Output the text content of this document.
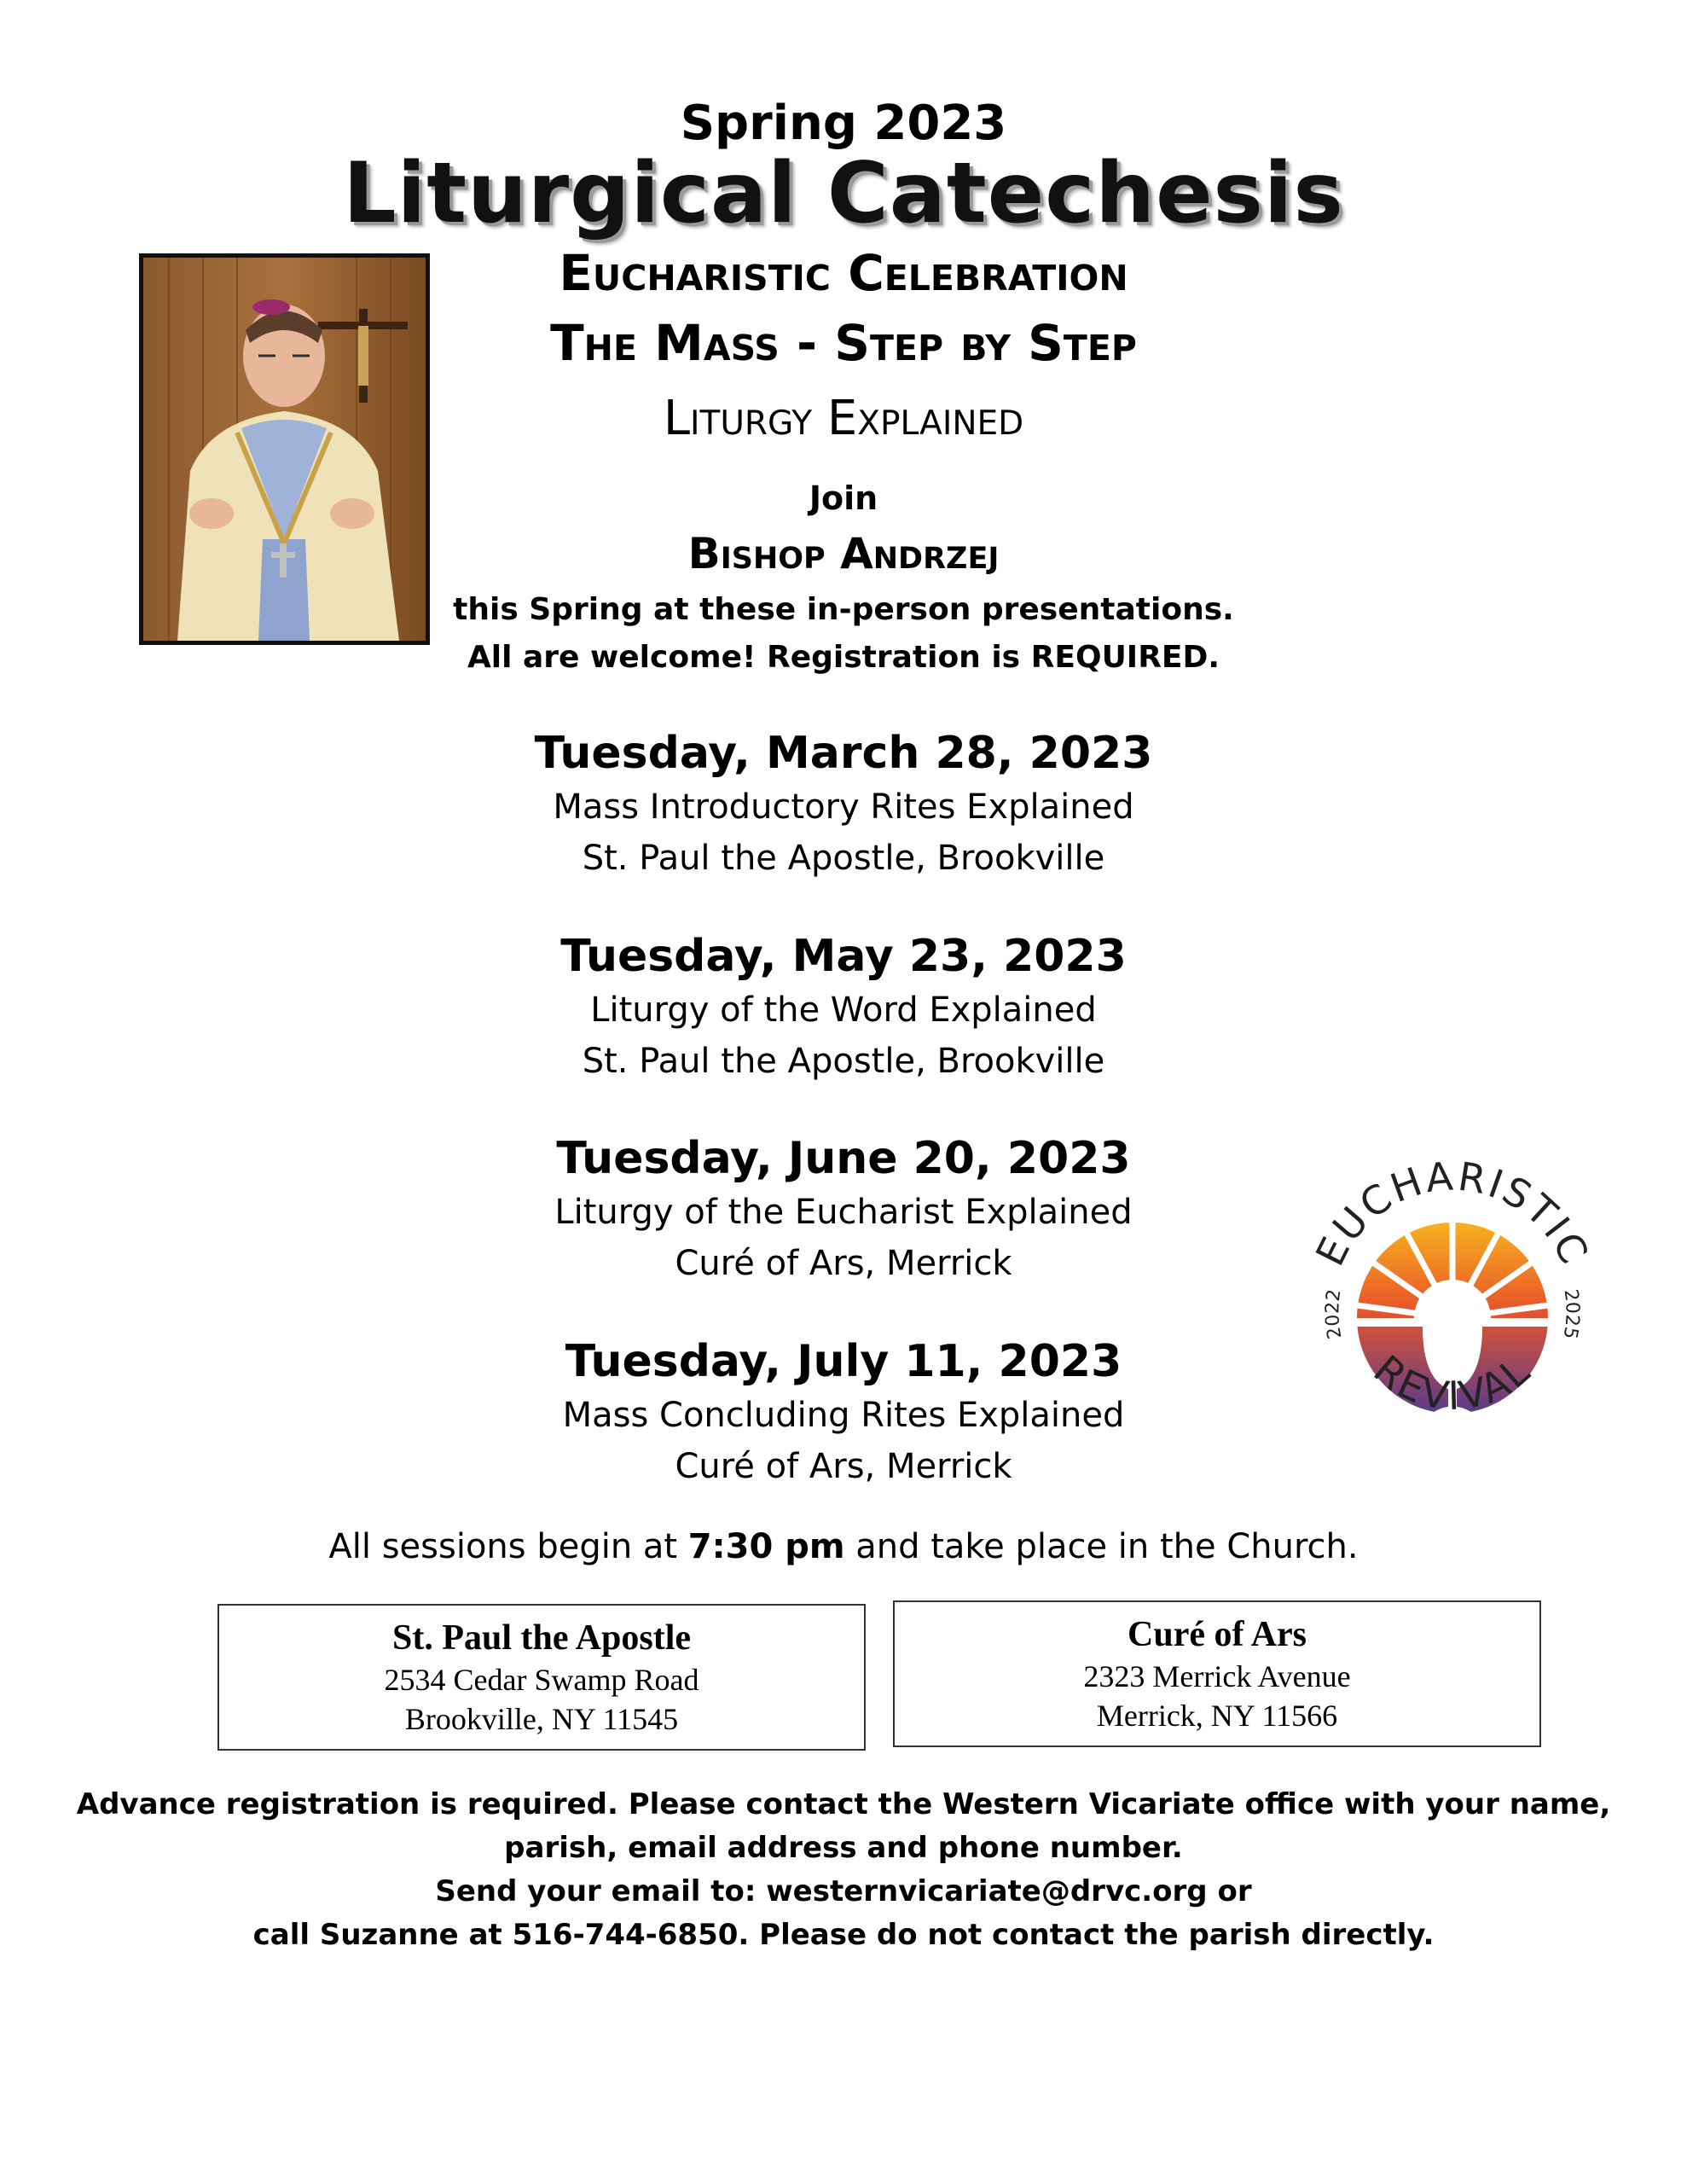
Spring 2023
Liturgical Catechesis
Eucharistic Celebration
The Mass - Step by Step
Liturgy Explained
Join
Bishop Andrzej
this Spring at these in-person presentations.
All are welcome! Registration is REQUIRED.
Tuesday, March 28, 2023
Mass Introductory Rites Explained
St. Paul the Apostle, Brookville
Tuesday, May 23, 2023
Liturgy of the Word Explained
St. Paul the Apostle, Brookville
Tuesday, June 20, 2023
Liturgy of the Eucharist Explained
Curé of Ars, Merrick
Tuesday, July 11, 2023
Mass Concluding Rites Explained
Curé of Ars, Merrick
EUCHARISTIC
REVIVAL
2022	2025
All sessions begin at 7:30 pm and take place in the Church.
St. Paul the Apostle
2534 Cedar Swamp Road
Brookville, NY 11545
Curé of Ars
2323 Merrick Avenue
Merrick, NY 11566
Advance registration is required. Please contact the Western Vicariate office with your name,
parish, email address and phone number.
Send your email to: westernvicariate@drvc.org or
call Suzanne at 516-744-6850. Please do not contact the parish directly.
